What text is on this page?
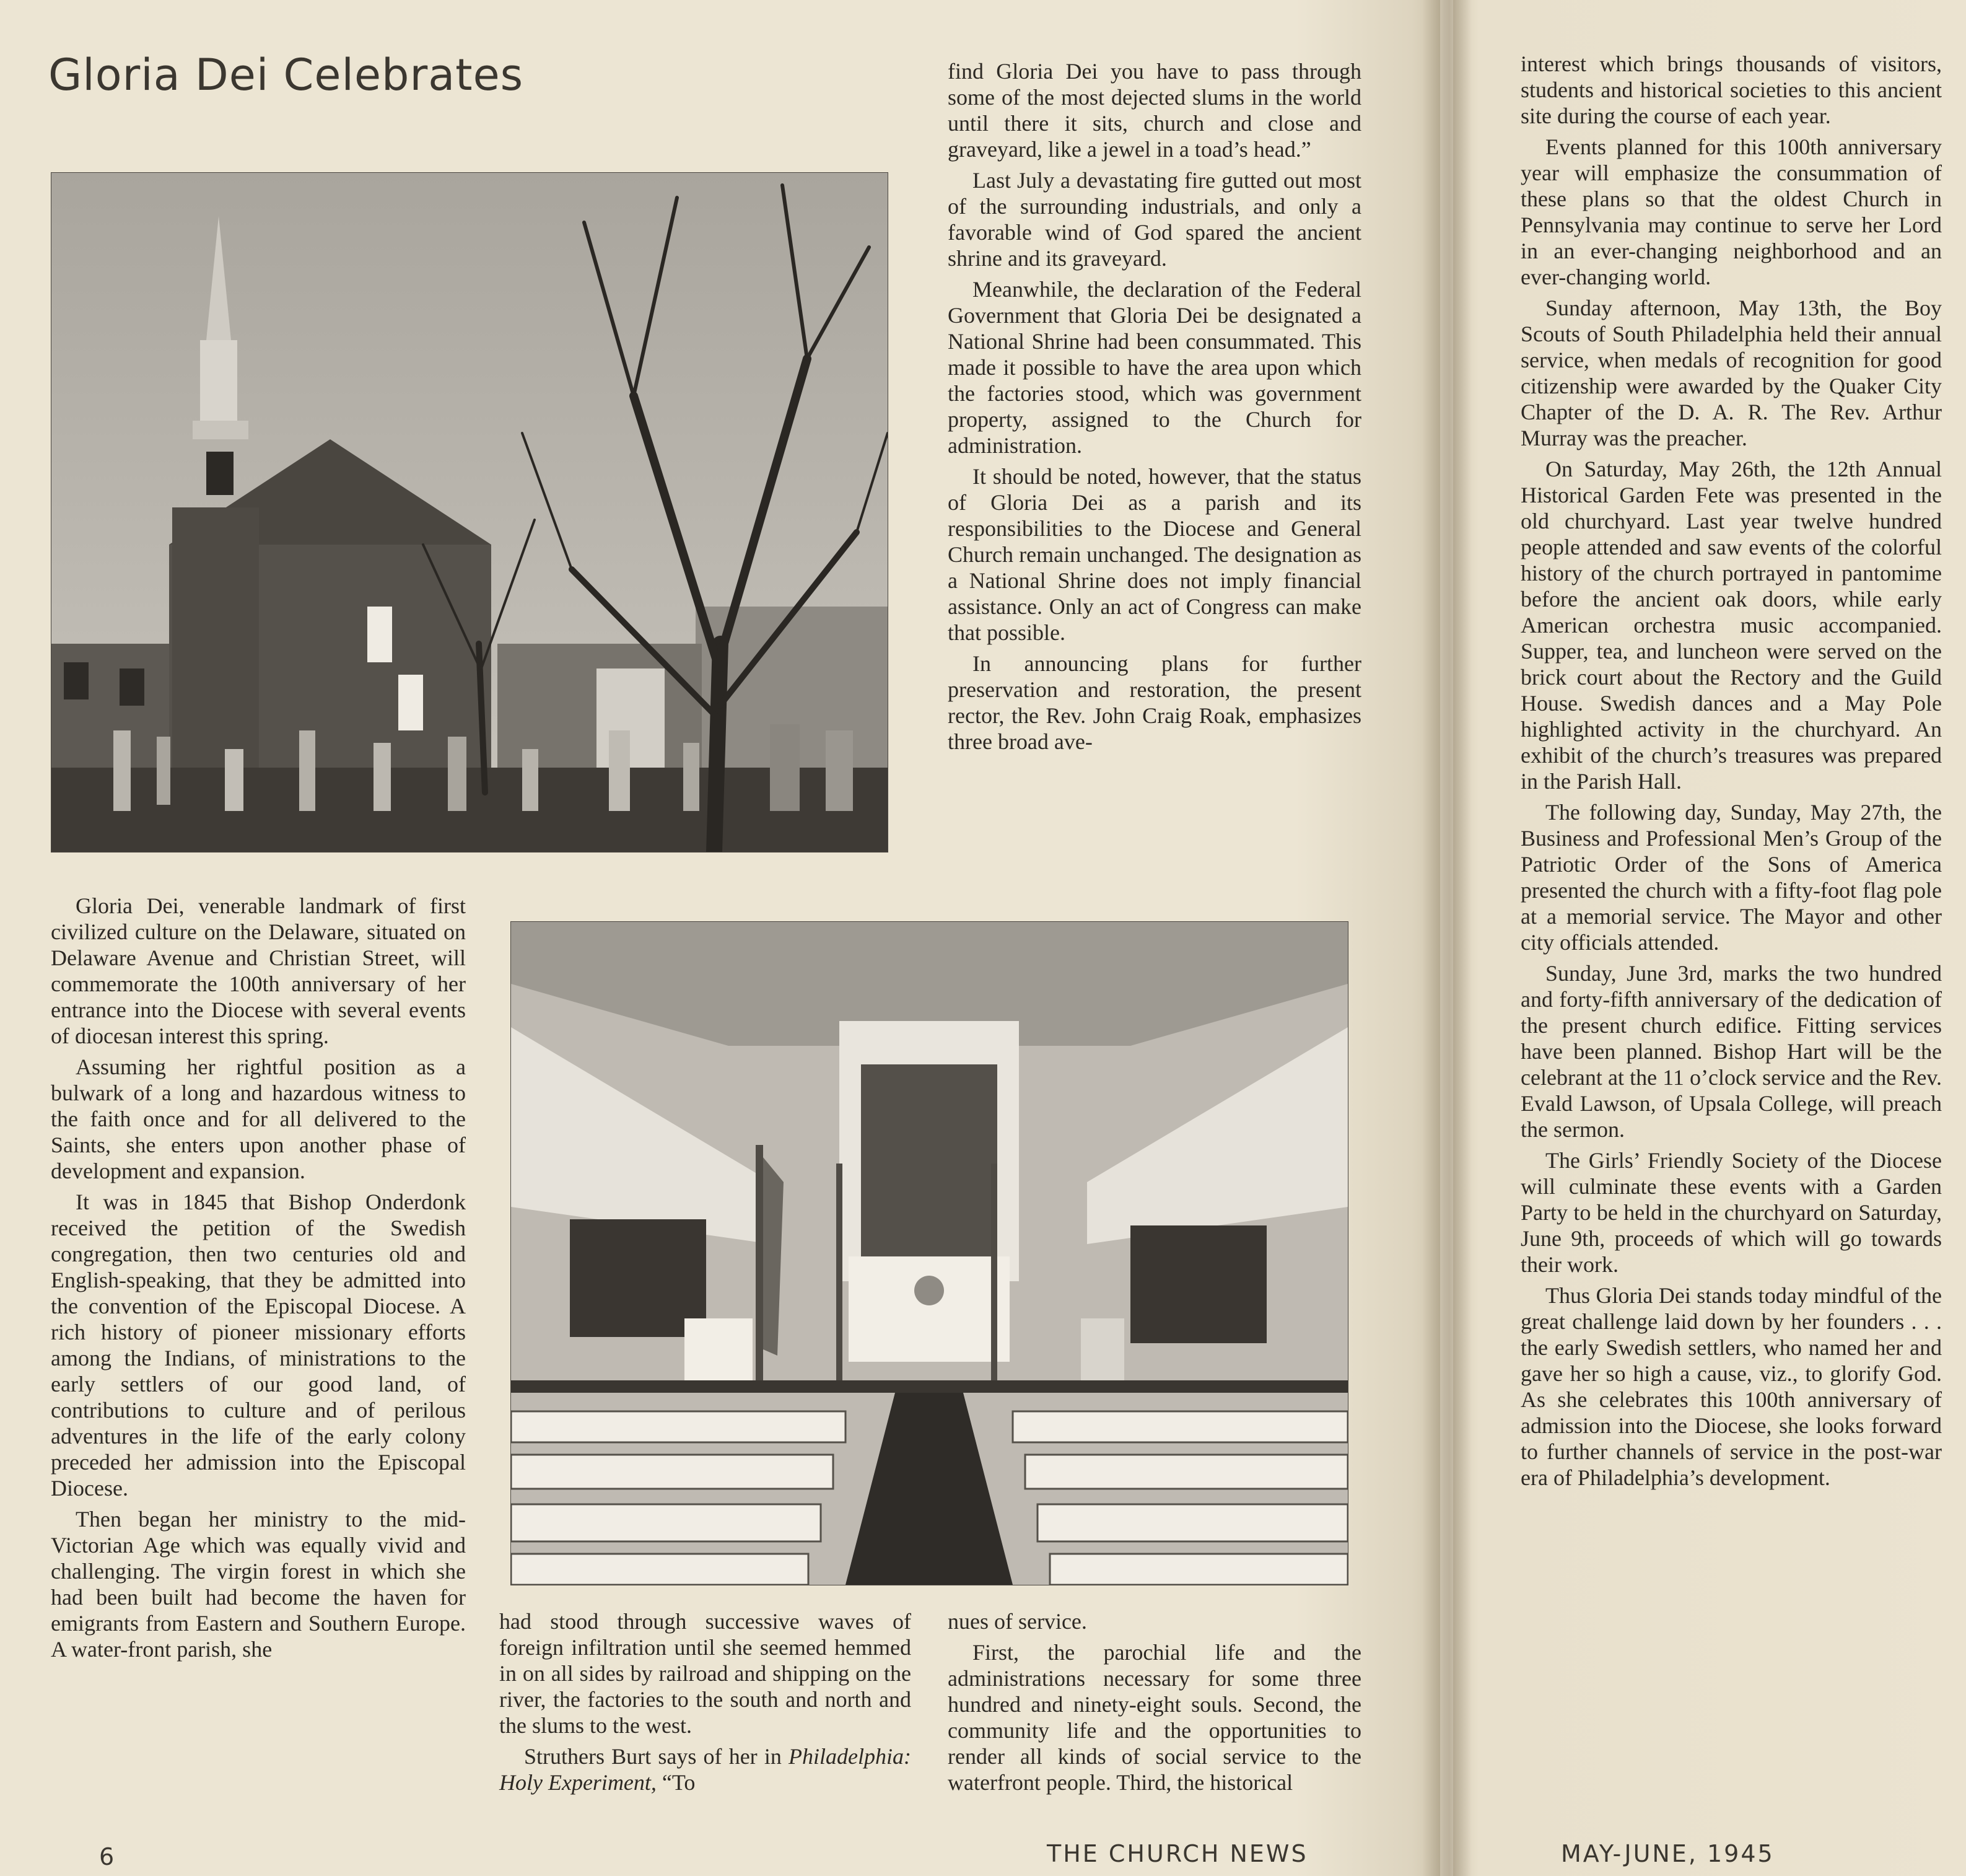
Gloria Dei Celebrates

Gloria Dei, venerable landmark of first civilized culture on the Delaware, situated on Delaware Avenue and Christian Street, will commemorate the 100th anniversary of her entrance into the Diocese with several events of diocesan interest this spring.

Assuming her rightful position as a bulwark of a long and hazardous witness to the faith once and for all delivered to the Saints, she enters upon another phase of development and expansion.

It was in 1845 that Bishop Onderdonk received the petition of the Swedish congregation, then two centuries old and English-speaking, that they be admitted into the convention of the Episcopal Diocese. A rich history of pioneer missionary efforts among the Indians, of ministrations to the early settlers of our good land, of contributions to culture and of perilous adventures in the life of the early colony preceded her admission into the Episcopal Diocese.

Then began her ministry to the mid-Victorian Age which was equally vivid and challenging. The virgin forest in which she had been built had become the haven for emigrants from Eastern and Southern Europe. A water-front parish, she

had stood through successive waves of foreign infiltration until she seemed hemmed in on all sides by railroad and shipping on the river, the factories to the south and north and the slums to the west.

Struthers Burt says of her in Philadelphia: Holy Experiment, “To

find Gloria Dei you have to pass through some of the most dejected slums in the world until there it sits, church and close and graveyard, like a jewel in a toad’s head.”

Last July a devastating fire gutted out most of the surrounding industrials, and only a favorable wind of God spared the ancient shrine and its graveyard.

Meanwhile, the declaration of the Federal Government that Gloria Dei be designated a National Shrine had been consummated. This made it possible to have the area upon which the factories stood, which was government property, assigned to the Church for administration.

It should be noted, however, that the status of Gloria Dei as a parish and its responsibilities to the Diocese and General Church remain unchanged. The designation as a National Shrine does not imply financial assistance. Only an act of Congress can make that possible.

In announcing plans for further preservation and restoration, the present rector, the Rev. John Craig Roak, emphasizes three broad ave-

nues of service.

First, the parochial life and the administrations necessary for some three hundred and ninety-eight souls. Second, the community life and the opportunities to render all kinds of social service to the waterfront people. Third, the historical

interest which brings thousands of visitors, students and historical societies to this ancient site during the course of each year.

Events planned for this 100th anniversary year will emphasize the consummation of these plans so that the oldest Church in Pennsylvania may continue to serve her Lord in an ever-changing neighborhood and an ever-changing world.

Sunday afternoon, May 13th, the Boy Scouts of South Philadelphia held their annual service, when medals of recognition for good citizenship were awarded by the Quaker City Chapter of the D. A. R. The Rev. Arthur Murray was the preacher.

On Saturday, May 26th, the 12th Annual Historical Garden Fete was presented in the old churchyard. Last year twelve hundred people attended and saw events of the colorful history of the church portrayed in pantomime before the ancient oak doors, while early American orchestra music accompanied. Supper, tea, and luncheon were served on the brick court about the Rectory and the Guild House. Swedish dances and a May Pole highlighted activity in the churchyard. An exhibit of the church’s treasures was prepared in the Parish Hall.

The following day, Sunday, May 27th, the Business and Professional Men’s Group of the Patriotic Order of the Sons of America presented the church with a fifty-foot flag pole at a memorial service. The Mayor and other city officials attended.

Sunday, June 3rd, marks the two hundred and forty-fifth anniversary of the dedication of the present church edifice. Fitting services have been planned. Bishop Hart will be the celebrant at the 11 o’clock service and the Rev. Evald Lawson, of Upsala College, will preach the sermon.

The Girls’ Friendly Society of the Diocese will culminate these events with a Garden Party to be held in the churchyard on Saturday, June 9th, proceeds of which will go towards their work.

Thus Gloria Dei stands today mindful of the great challenge laid down by her founders . . . the early Swedish settlers, who named her and gave her so high a cause, viz., to glorify God. As she celebrates this 100th anniversary of admission into the Diocese, she looks forward to further channels of service in the post-war era of Philadelphia’s development.

6	THE CHURCH NEWS	MAY-JUNE, 1945
